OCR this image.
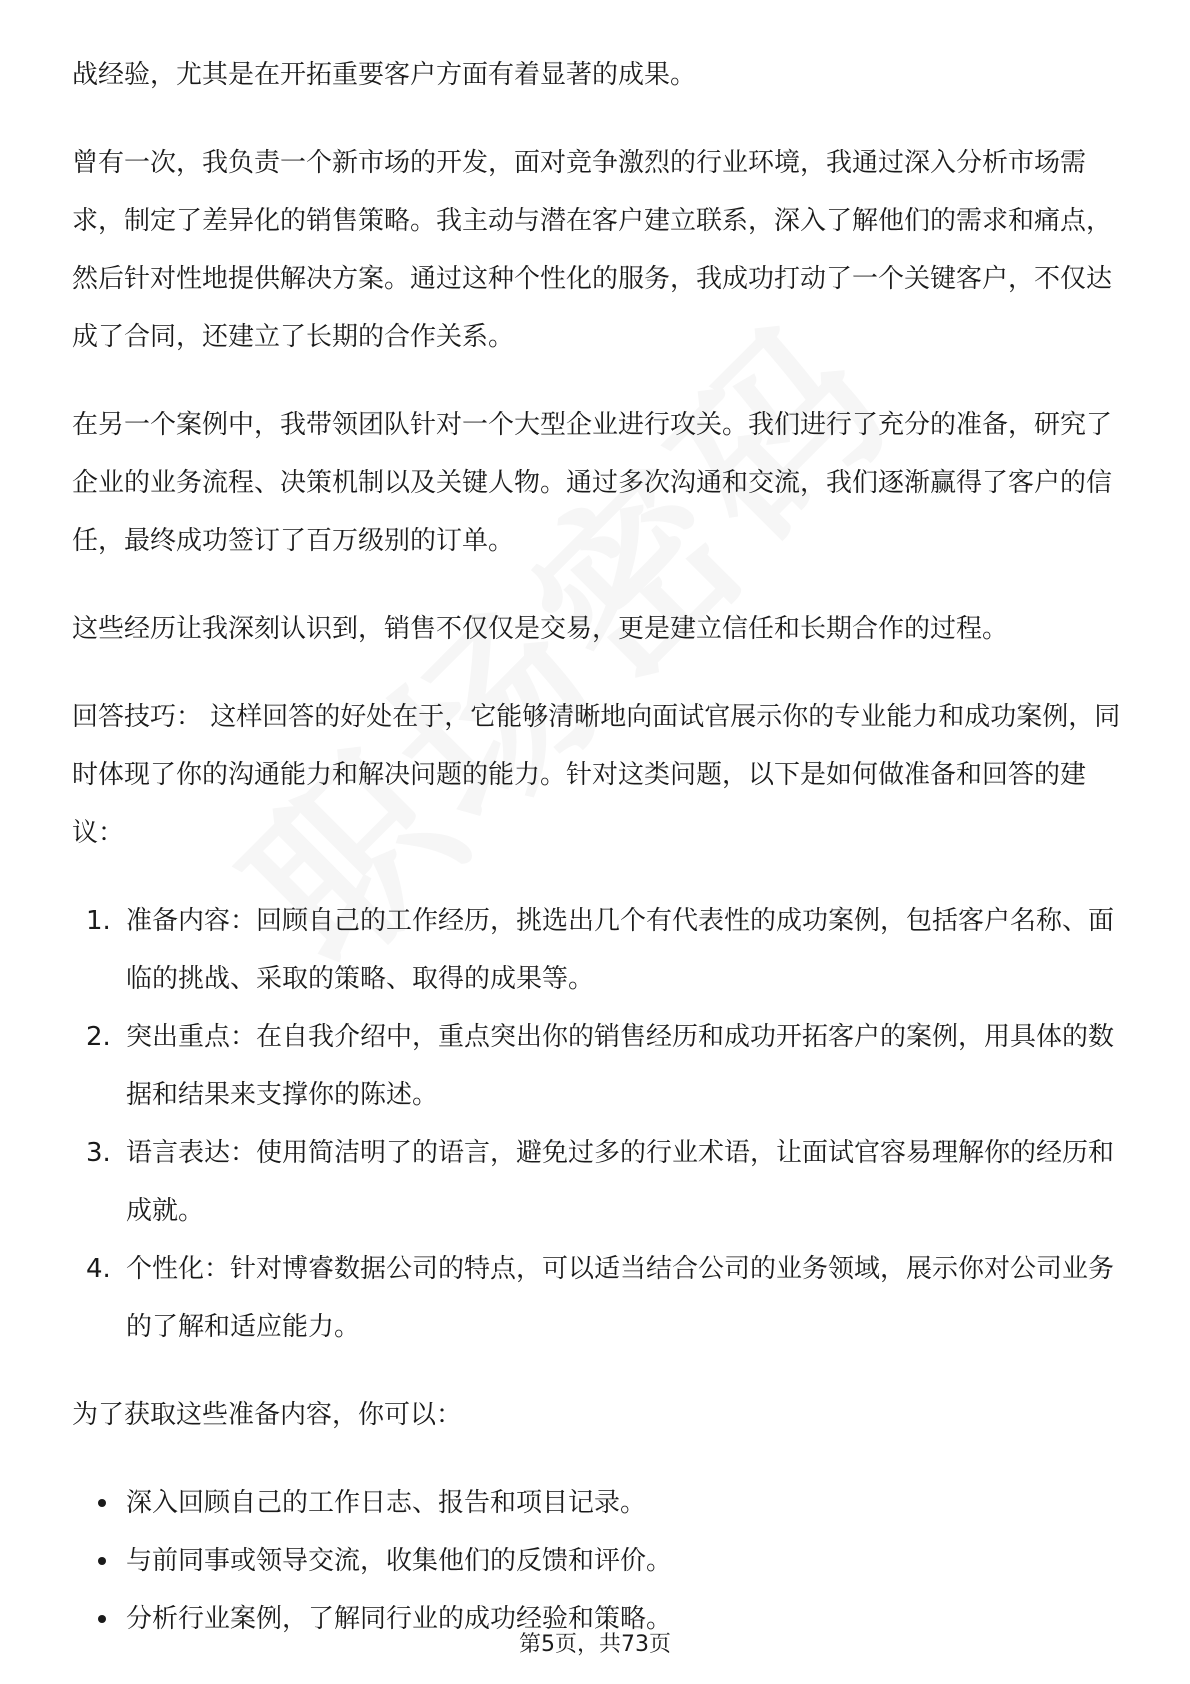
战经验，尤其是在开拓重要客户方面有着显著的成果。

曾有一次，我负责一个新市场的开发，面对竞争激烈的行业环境，我通过深入分析市场需求，制定了差异化的销售策略。我主动与潜在客户建立联系，深入了解他们的需求和痛点，然后针对性地提供解决方案。通过这种个性化的服务，我成功打动了一个关键客户，不仅达成了合同，还建立了长期的合作关系。

在另一个案例中，我带领团队针对一个大型企业进行攻关。我们进行了充分的准备，研究了企业的业务流程、决策机制以及关键人物。通过多次沟通和交流，我们逐渐赢得了客户的信任，最终成功签订了百万级别的订单。

这些经历让我深刻认识到，销售不仅仅是交易，更是建立信任和长期合作的过程。

回答技巧： 这样回答的好处在于，它能够清晰地向面试官展示你的专业能力和成功案例，同时体现了你的沟通能力和解决问题的能力。针对这类问题，以下是如何做准备和回答的建议：

1. 准备内容：回顾自己的工作经历，挑选出几个有代表性的成功案例，包括客户名称、面临的挑战、采取的策略、取得的成果等。
2. 突出重点：在自我介绍中，重点突出你的销售经历和成功开拓客户的案例，用具体的数据和结果来支撑你的陈述。
3. 语言表达：使用简洁明了的语言，避免过多的行业术语，让面试官容易理解你的经历和成就。
4. 个性化：针对博睿数据公司的特点，可以适当结合公司的业务领域，展示你对公司业务的了解和适应能力。

为了获取这些准备内容，你可以：

深入回顾自己的工作日志、报告和项目记录。
与前同事或领导交流，收集他们的反馈和评价。
分析行业案例，了解同行业的成功经验和策略。
第5页，共73页
